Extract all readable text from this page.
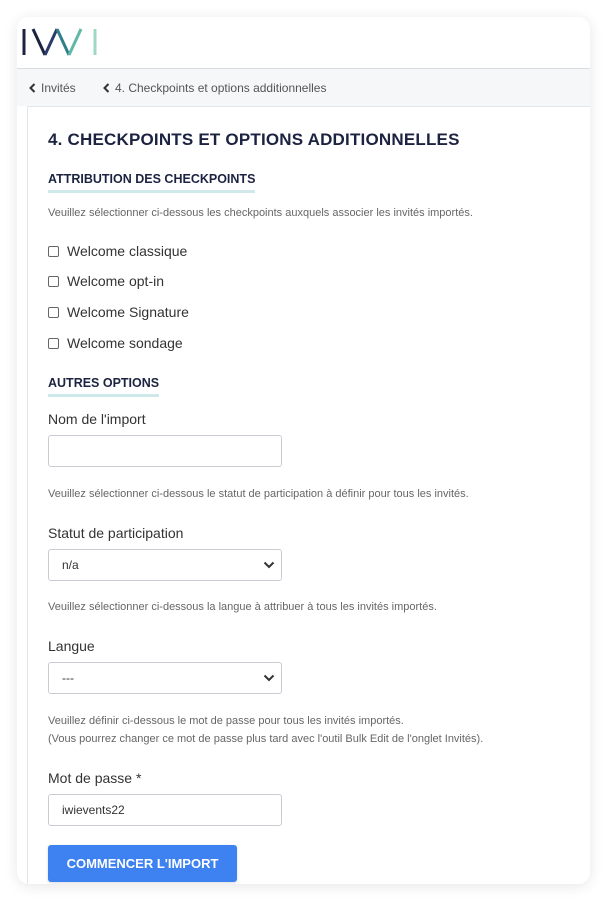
Invités	4. Checkpoints et options additionnelles
4. CHECKPOINTS ET OPTIONS ADDITIONNELLES
ATTRIBUTION DES CHECKPOINTS
Veuillez sélectionner ci-dessous les checkpoints auxquels associer les invités importés.
Welcome classique
Welcome opt-in
Welcome Signature
Welcome sondage
AUTRES OPTIONS
Nom de l'import
Veuillez sélectionner ci-dessous le statut de participation à définir pour tous les invités.
Statut de participation
n/a
Veuillez sélectionner ci-dessous la langue à attribuer à tous les invités importés.
Langue
---
Veuillez définir ci-dessous le mot de passe pour tous les invités importés.
(Vous pourrez changer ce mot de passe plus tard avec l'outil Bulk Edit de l'onglet Invités).
Mot de passe *
iwievents22
COMMENCER L'IMPORT
